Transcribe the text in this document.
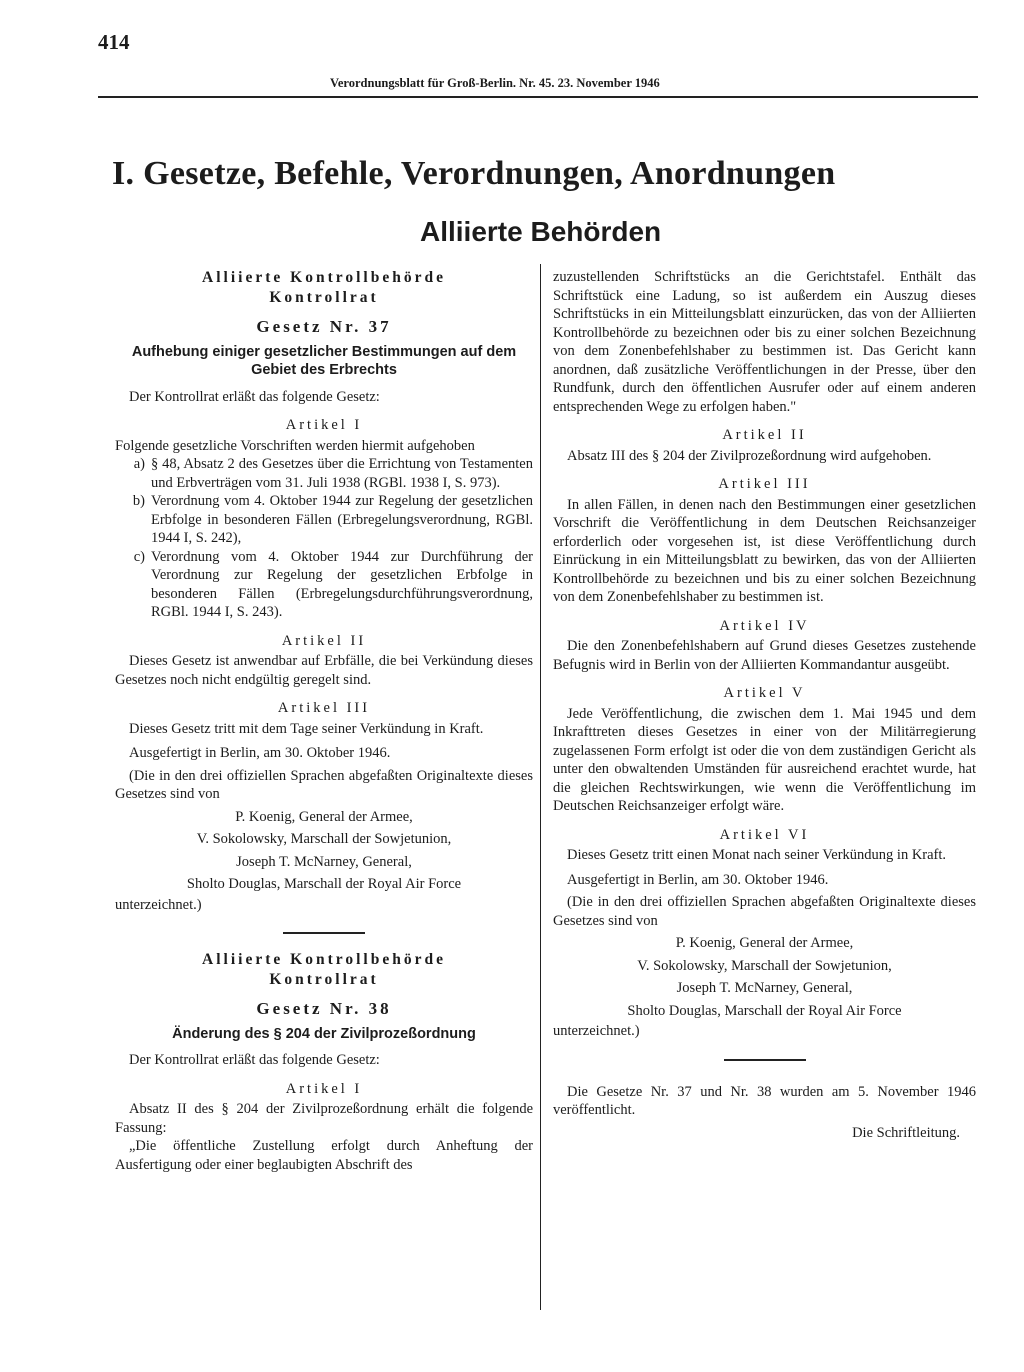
414
Verordnungsblatt für Groß-Berlin. Nr. 45. 23. November 1946
I. Gesetze, Befehle, Verordnungen, Anordnungen
Alliierte Behörden
Alliierte Kontrollbehörde
Kontrollrat
Gesetz Nr. 37
Aufhebung einiger gesetzlicher Bestimmungen auf dem Gebiet des Erbrechts
Der Kontrollrat erläßt das folgende Gesetz:
Artikel I
Folgende gesetzliche Vorschriften werden hiermit aufgehoben
a) § 48, Absatz 2 des Gesetzes über die Errichtung von Testamenten und Erbverträgen vom 31. Juli 1938 (RGBl. 1938 I, S. 973).
b) Verordnung vom 4. Oktober 1944 zur Regelung der gesetzlichen Erbfolge in besonderen Fällen (Erbregelungsverordnung, RGBl. 1944 I, S. 242),
c) Verordnung vom 4. Oktober 1944 zur Durchführung der Verordnung zur Regelung der gesetzlichen Erbfolge in besonderen Fällen (Erbregelungsdurchführungsverordnung, RGBl. 1944 I, S. 243).
Artikel II
Dieses Gesetz ist anwendbar auf Erbfälle, die bei Verkündung dieses Gesetzes noch nicht endgültig geregelt sind.
Artikel III
Dieses Gesetz tritt mit dem Tage seiner Verkündung in Kraft.
Ausgefertigt in Berlin, am 30. Oktober 1946.
(Die in den drei offiziellen Sprachen abgefaßten Originaltexte dieses Gesetzes sind von
P. Koenig, General der Armee,
V. Sokolowsky, Marschall der Sowjetunion,
Joseph T. McNarney, General,
Sholto Douglas, Marschall der Royal Air Force
unterzeichnet.)
Alliierte Kontrollbehörde
Kontrollrat
Gesetz Nr. 38
Änderung des § 204 der Zivilprozeßordnung
Der Kontrollrat erläßt das folgende Gesetz:
Artikel I
Absatz II des § 204 der Zivilprozeßordnung erhält die folgende Fassung:
„Die öffentliche Zustellung erfolgt durch Anheftung der Ausfertigung oder einer beglaubigten Abschrift des
zuzustellenden Schriftstücks an die Gerichtstafel. Enthält das Schriftstück eine Ladung, so ist außerdem ein Auszug dieses Schriftstücks in ein Mitteilungsblatt einzurücken, das von der Alliierten Kontrollbehörde zu bezeichnen oder bis zu einer solchen Bezeichnung von dem Zonenbefehlshaber zu bestimmen ist. Das Gericht kann anordnen, daß zusätzliche Veröffentlichungen in der Presse, über den Rundfunk, durch den öffentlichen Ausrufer oder auf einem anderen entsprechenden Wege zu erfolgen haben."
Artikel II
Absatz III des § 204 der Zivilprozeßordnung wird aufgehoben.
Artikel III
In allen Fällen, in denen nach den Bestimmungen einer gesetzlichen Vorschrift die Veröffentlichung in dem Deutschen Reichsanzeiger erforderlich oder vorgesehen ist, ist diese Veröffentlichung durch Einrückung in ein Mitteilungsblatt zu bewirken, das von der Alliierten Kontrollbehörde zu bezeichnen und bis zu einer solchen Bezeichnung von dem Zonenbefehlshaber zu bestimmen ist.
Artikel IV
Die den Zonenbefehlshabern auf Grund dieses Gesetzes zustehende Befugnis wird in Berlin von der Alliierten Kommandantur ausgeübt.
Artikel V
Jede Veröffentlichung, die zwischen dem 1. Mai 1945 und dem Inkrafttreten dieses Gesetzes in einer von der Militärregierung zugelassenen Form erfolgt ist oder die von dem zuständigen Gericht als unter den obwaltenden Umständen für ausreichend erachtet wurde, hat die gleichen Rechtswirkungen, wie wenn die Veröffentlichung im Deutschen Reichsanzeiger erfolgt wäre.
Artikel VI
Dieses Gesetz tritt einen Monat nach seiner Verkündung in Kraft.
Ausgefertigt in Berlin, am 30. Oktober 1946.
(Die in den drei offiziellen Sprachen abgefaßten Originaltexte dieses Gesetzes sind von
P. Koenig, General der Armee,
V. Sokolowsky, Marschall der Sowjetunion,
Joseph T. McNarney, General,
Sholto Douglas, Marschall der Royal Air Force
unterzeichnet.)
Die Gesetze Nr. 37 und Nr. 38 wurden am 5. November 1946 veröffentlicht.
Die Schriftleitung.
